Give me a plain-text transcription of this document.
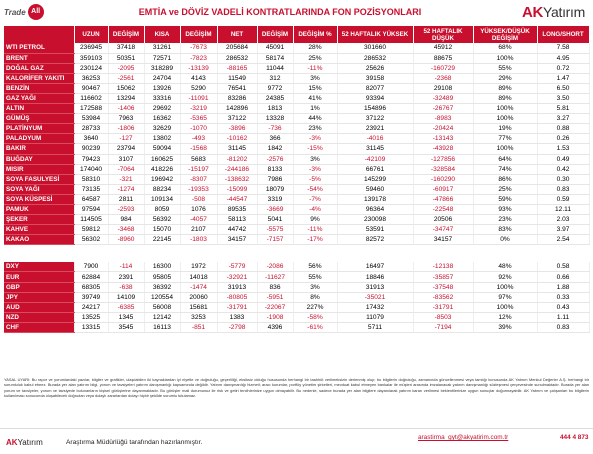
Trade All	EMTİA ve DÖVİZ VADELİ KONTRATLARINDA FON POZİSYONLARI	AKYatırım
	UZUN	DEĞİŞİM	KISA	DEĞİŞİM	NET	DEĞİŞİM	DEĞİŞİM %	52 HAFTALIK YÜKSEK	52 HAFTALIK DÜŞÜK	YÜKSEK/DÜŞÜK DEĞİŞİM	LONG/SHORT
WTI PETROL	236945	37418	31261	-7673	205684	45091	28%	301660	45912	68%	7.58
BRENT	359103	50351	72571	-7823	286532	58174	25%	286532	88675	100%	4.95
DOĞAL GAZ	230124	-2095	318289	-13139	-88165	11044	-11%	25626	-160729	55%	0.72
KALORİFER YAKITI	36253	-2561	24704	4143	11549	312	3%	39158	-2368	29%	1.47
BENZİN	90467	15062	13926	5290	76541	9772	15%	82077	29108	89%	6.50
GAZ YAĞI	116602	13294	33316	-11091	83286	24385	41%	93394	-32489	89%	3.50
ALTIN	172588	-1406	29692	-3219	142896	1813	1%	154896	-26767	100%	5.81
GÜMÜŞ	53984	7963	16362	-5365	37122	13328	44%	37122	-8983	100%	3.27
PLATİNYUM	28733	-1806	32629	-1070	-3896	-736	23%	23921	-20424	19%	0.88
PALADYUM	3640	-127	13802	-493	-10162	366	-3%	-4016	-13143	77%	0.26
BAKIR	90239	23794	59094	-1568	31145	1842	-15%	31145	-43928	100%	1.53
BUĞDAY	79423	3107	160625	5683	-81202	-2576	3%	-42109	-127856	64%	0.49
MISIR	174040	-7064	418226	-15197	-244186	8133	-3%	66761	-328584	74%	0.42
SOYA FASULYESİ	58310	-321	196942	-8307	-138632	7986	-5%	145299	-160290	86%	0.30
SOYA YAĞI	73135	-1274	88234	-19353	-15099	18079	-54%	59460	-60917	25%	0.83
SOYA KÜSPESİ	64587	2811	109134	-508	-44547	3319	-7%	139178	-47866	59%	0.59
PAMUK	97594	-2593	8059	1076	89535	-3669	-4%	96364	-22548	93%	12.11
ŞEKER	114505	984	56392	-4057	58113	5041	9%	230098	20506	23%	2.03
KAHVE	59812	-3468	15070	2107	44742	-5575	-11%	53591	-34747	83%	3.97
KAKAO	56302	-8960	22145	-1803	34157	-7157	-17%	82572	34157	0%	2.54

DXY	7900	-114	16300	1972	-5779	-2086	56%	16497	-12138	48%	0.58
EUR	62884	2391	95805	14018	-32921	-11627	55%	18846	-35857	92%	0.66
GBP	68305	-638	36392	-1474	31913	836	3%	31913	-37548	100%	1.88
JPY	39749	14109	120554	20060	-80805	-5951	8%	-35021	-83562	97%	0.33
AUD	24217	-6385	56008	15681	-31791	-22067	227%	17432	-31791	100%	0.43
NZD	13525	1345	12142	3253	1383	-1908	-58%	11079	-8503	12%	1.11
CHF	13315	3545	16113	-851	-2798	4396	-61%	5711	-7194	39%	0.83
YASAL UYARI: Bu rapor ve yorumlardaki yazılar, bilgiler ve grafikler, ulaşılabilen iki kaynaklardan iyi niyetle ve doğruluğu, geçerliliği, eksiksiz olduğu hususunda herhangi bir taahhüt verilmeksizin derlenmiş olup; bu bilgilerin doğruluğu, zamanında güncellenmesi veya tamlığı konusunda AK Yatırım Menkul Değerler A.Ş. herhangi bir sorumluluk kabul etmez. Burada yer alan yatırım bilgi, yorum ve tavsiyeleri yatırım danışmanlığı kapsamında değildir. Yatırım danışmanlığı hizmeti; aracı kurumlar, portföy yönetim şirketleri, mevduat kabul etmeyen bankalar ile müşteri arasında imzalanacak yatırım danışmanlığı sözleşmesi çerçevesinde sunulmaktadır. Burada yer alan yorum ve tavsiyeler, yorum ve tavsiyede bulunanların kişisel görüşlerine dayanmaktadır. Bu görüşler mali durumunuz ile risk ve getiri tercihlerinize uygun olmayabilir. Bu nedenle, sadece burada yer alan bilgilere dayanılarak yatırım kararı verilmesi beklentilerinize uygun sonuçlar doğurmayabilir. AK Yatırım ve çalışanları bu bilgilerin kullanılması sonucunda oluşabilecek doğrudan veya dolaylı zararlardan dolayı hiçbir şekilde sorumlu tutulamaz.
AKYatırım	Araştırma Müdürlüğü tarafından hazırlanmıştır.
arastirma_gyt@akyatirim.com.tr	444 4 873
